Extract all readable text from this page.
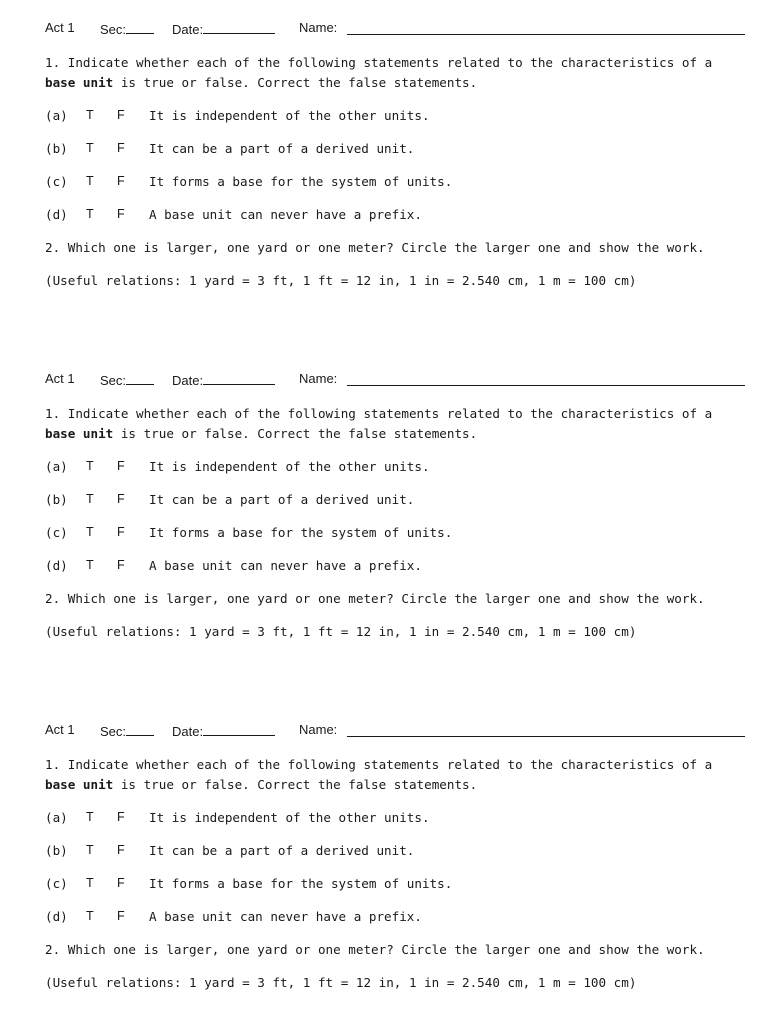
Act 1 Sec:	Date:	Name:
1. Indicate whether each of the following statements related to the characteristics of a
base unit is true or false. Correct the false statements.
(a) T F It is independent of the other units.
(b) T F It can be a part of a derived unit.
(c) T F It forms a base for the system of units.
(d) T F A base unit can never have a prefix.
2. Which one is larger, one yard or one meter? Circle the larger one and show the work.
(Useful relations: 1 yard = 3 ft, 1 ft = 12 in, 1 in = 2.540 cm, 1 m = 100 cm)
Act 1 Sec:	Date:	Name:
1. Indicate whether each of the following statements related to the characteristics of a
base unit is true or false. Correct the false statements.
(a) T F It is independent of the other units.
(b) T F It can be a part of a derived unit.
(c) T F It forms a base for the system of units.
(d) T F A base unit can never have a prefix.
2. Which one is larger, one yard or one meter? Circle the larger one and show the work.
(Useful relations: 1 yard = 3 ft, 1 ft = 12 in, 1 in = 2.540 cm, 1 m = 100 cm)
Act 1 Sec:	Date:	Name:
1. Indicate whether each of the following statements related to the characteristics of a
base unit is true or false. Correct the false statements.
(a) T F It is independent of the other units.
(b) T F It can be a part of a derived unit.
(c) T F It forms a base for the system of units.
(d) T F A base unit can never have a prefix.
2. Which one is larger, one yard or one meter? Circle the larger one and show the work.
(Useful relations: 1 yard = 3 ft, 1 ft = 12 in, 1 in = 2.540 cm, 1 m = 100 cm)
